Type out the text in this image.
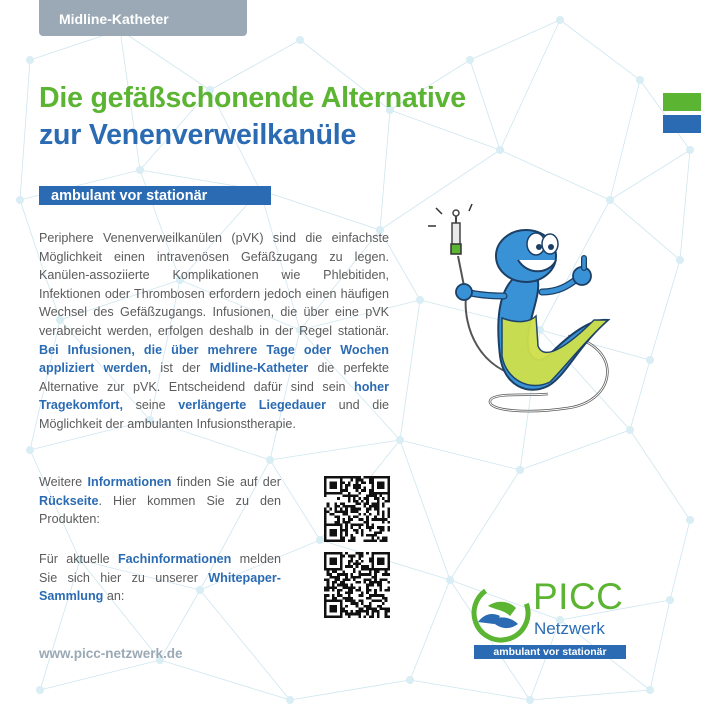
Midline-Katheter
Die gefäßschonende Alternative
zur Venenverweilkanüle
ambulant vor stationär
Periphere Venenverweilkanülen (pVK) sind die einfachste Möglichkeit einen intravenösen Gefäßzugang zu legen. Kanülen-assoziierte Komplikationen wie Phlebitiden, Infektionen oder Thrombosen erfordern jedoch einen häufigen Wechsel des Gefäßzugangs. Infusionen, die über eine pVK verabreicht werden, erfolgen deshalb in der Regel stationär. Bei Infusionen, die über mehrere Tage oder Wochen appliziert werden, ist der Midline-Katheter die perfekte Alternative zur pVK. Entscheidend dafür sind sein hoher Tragekomfort, seine verlängerte Liegedauer und die Möglichkeit der ambulanten Infusionstherapie.
Weitere Informationen finden Sie auf der Rückseite. Hier kommen Sie zu den Produkten:
Für aktuelle Fachinformationen melden Sie sich hier zu unserer Whitepaper-Sammlung an:
www.picc-netzwerk.de
PICC
Netzwerk
ambulant vor stationär
